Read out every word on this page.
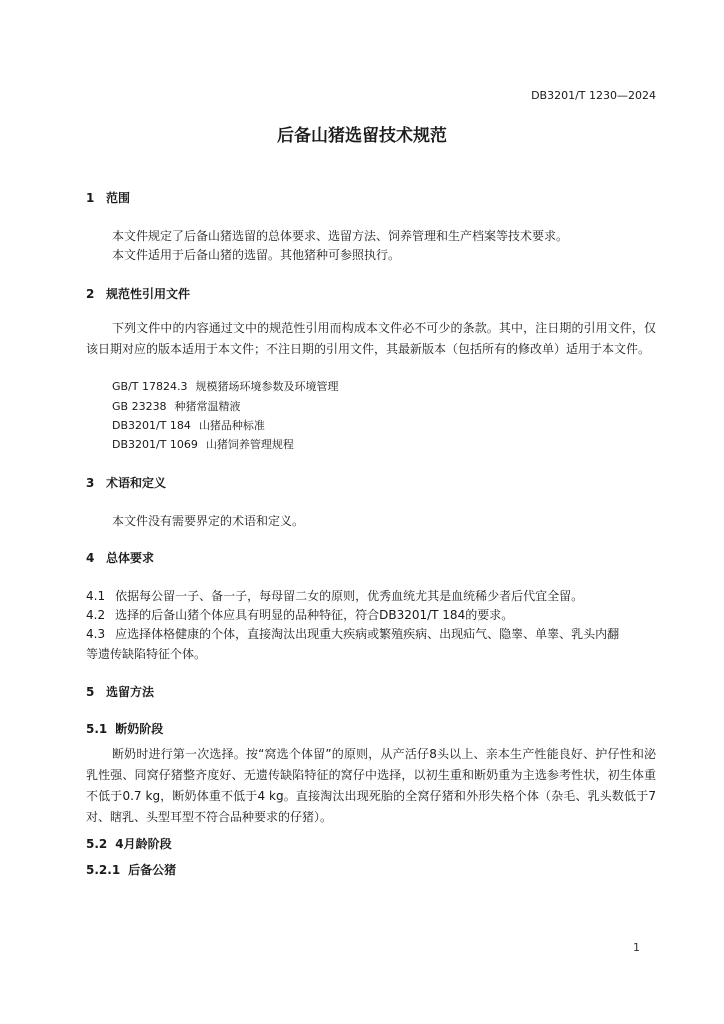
DB3201/T 1230—2024
后备山猪选留技术规范
1 范围
本文件规定了后备山猪选留的总体要求、选留方法、饲养管理和生产档案等技术要求。
本文件适用于后备山猪的选留。其他猪种可参照执行。
2 规范性引用文件
下列文件中的内容通过文中的规范性引用而构成本文件必不可少的条款。其中，注日期的引用文件，仅该日期对应的版本适用于本文件；不注日期的引用文件，其最新版本（包括所有的修改单）适用于本文件。
GB/T 17824.3 规模猪场环境参数及环境管理
GB 23238 种猪常温精液
DB3201/T 184 山猪品种标准
DB3201/T 1069 山猪饲养管理规程
3 术语和定义
本文件没有需要界定的术语和定义。
4 总体要求
4.1 依据每公留一子、备一子，每母留二女的原则，优秀血统尤其是血统稀少者后代宜全留。
4.2 选择的后备山猪个体应具有明显的品种特征，符合DB3201/T 184的要求。
4.3 应选择体格健康的个体，直接淘汰出现重大疾病或繁殖疾病、出现疝气、隐睾、单睾、乳头内翻
等遗传缺陷特征个体。
5 选留方法
5.1 断奶阶段
断奶时进行第一次选择。按“窝选个体留”的原则，从产活仔8头以上、亲本生产性能良好、护仔性和泌乳性强、同窝仔猪整齐度好、无遗传缺陷特征的窝仔中选择，以初生重和断奶重为主选参考性状，初生体重不低于0.7 kg，断奶体重不低于4 kg。直接淘汰出现死胎的全窝仔猪和外形失格个体（杂毛、乳头数低于7对、瞎乳、头型耳型不符合品种要求的仔猪）。
5.2 4月龄阶段
5.2.1 后备公猪
1
